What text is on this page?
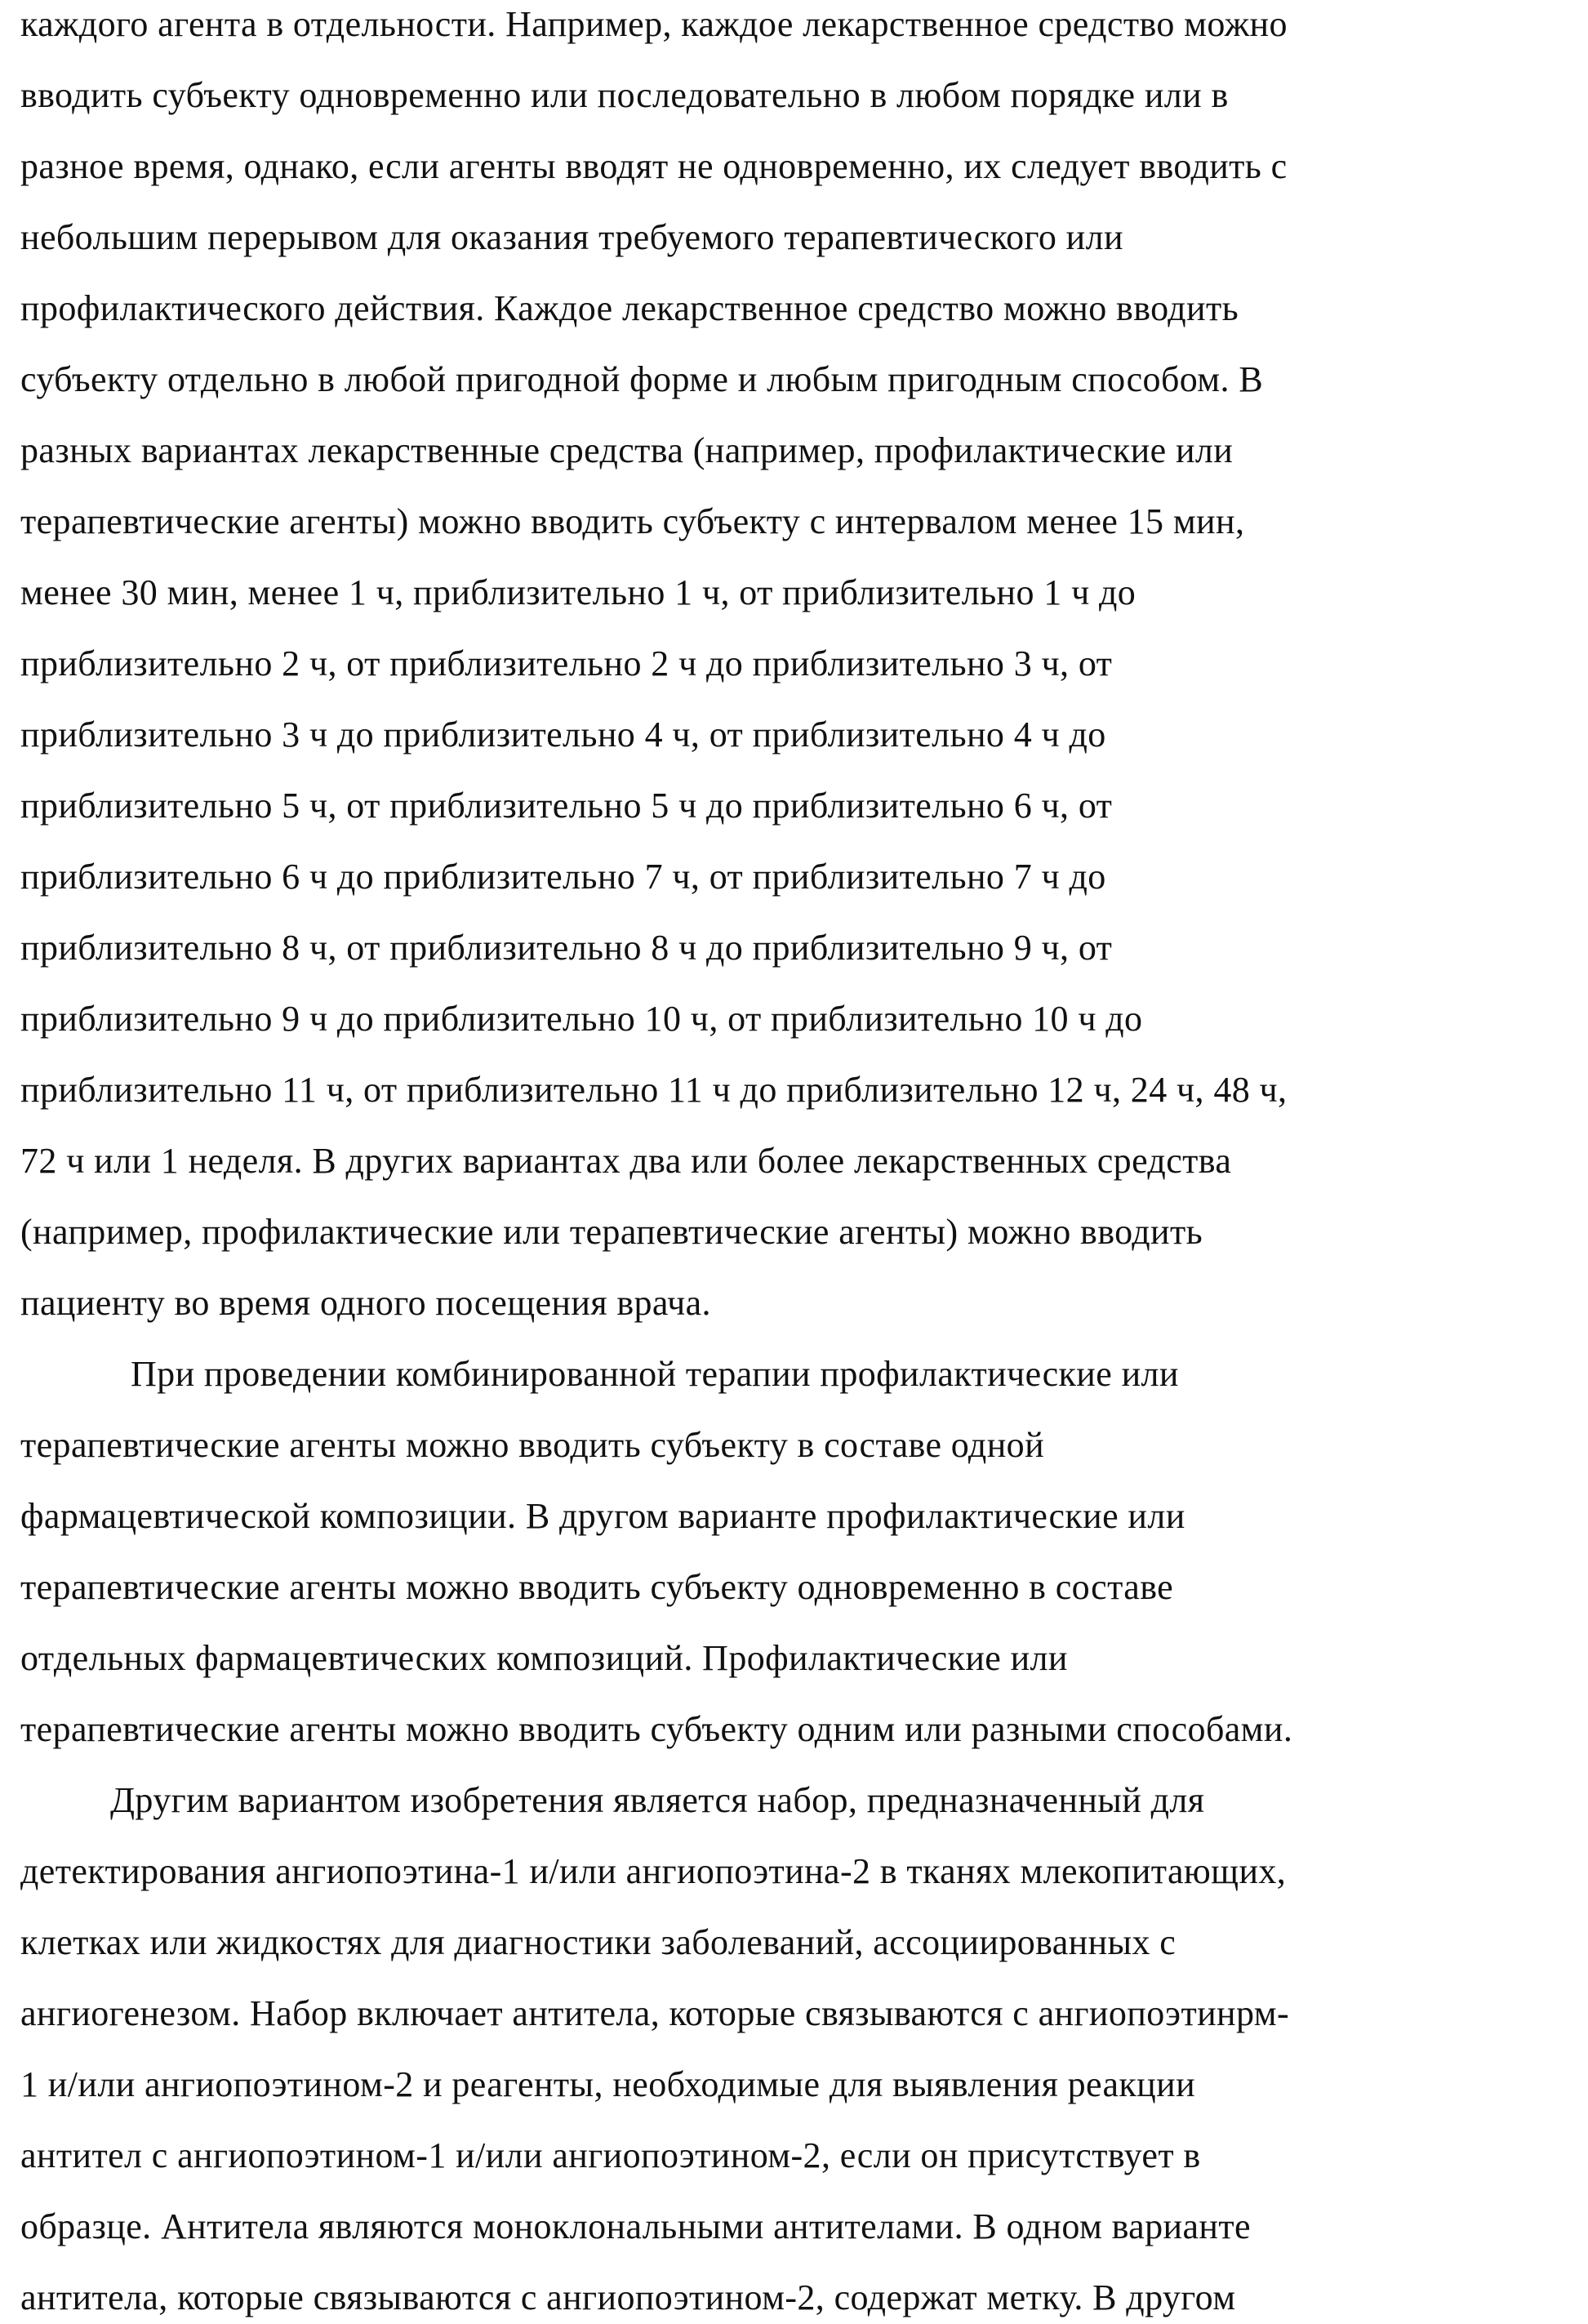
каждого агента в отдельности. Например, каждое лекарственное средство можно
вводить субъекту одновременно или последовательно в любом порядке или в
разное время, однако, если агенты вводят не одновременно, их следует вводить с
небольшим перерывом для оказания требуемого терапевтического или
профилактического действия. Каждое лекарственное средство можно вводить
субъекту отдельно в любой пригодной форме и любым пригодным способом. В
разных вариантах лекарственные средства (например, профилактические или
терапевтические агенты) можно вводить субъекту с интервалом менее 15 мин,
менее 30 мин, менее 1 ч, приблизительно 1 ч, от приблизительно 1 ч до
приблизительно 2 ч, от приблизительно 2 ч до приблизительно 3 ч, от
приблизительно 3 ч до приблизительно 4 ч, от приблизительно 4 ч до
приблизительно 5 ч, от приблизительно 5 ч до приблизительно 6 ч, от
приблизительно 6 ч до приблизительно 7 ч, от приблизительно 7 ч до
приблизительно 8 ч, от приблизительно 8 ч до приблизительно 9 ч, от
приблизительно 9 ч до приблизительно 10 ч, от приблизительно 10 ч до
приблизительно 11 ч, от приблизительно 11 ч до приблизительно 12 ч, 24 ч, 48 ч,
72 ч или 1 неделя. В других вариантах два или более лекарственных средства
(например, профилактические или терапевтические агенты) можно вводить
пациенту во время одного посещения врача.
При проведении комбинированной терапии профилактические или
терапевтические агенты можно вводить субъекту в составе одной
фармацевтической композиции. В другом варианте профилактические или
терапевтические агенты можно вводить субъекту одновременно в составе
отдельных фармацевтических композиций. Профилактические или
терапевтические агенты можно вводить субъекту одним или разными способами.
Другим вариантом изобретения является набор, предназначенный для
детектирования ангиопоэтина-1 и/или ангиопоэтина-2 в тканях млекопитающих,
клетках или жидкостях для диагностики заболеваний, ассоциированных с
ангиогенезом. Набор включает антитела, которые связываются с ангиопоэтинрм-
1 и/или ангиопоэтином-2 и реагенты, необходимые для выявления реакции
антител с ангиопоэтином-1 и/или ангиопоэтином-2, если он присутствует в
образце. Антитела являются моноклональными антителами. В одном варианте
антитела, которые связываются с ангиопоэтином-2, содержат метку. В другом
